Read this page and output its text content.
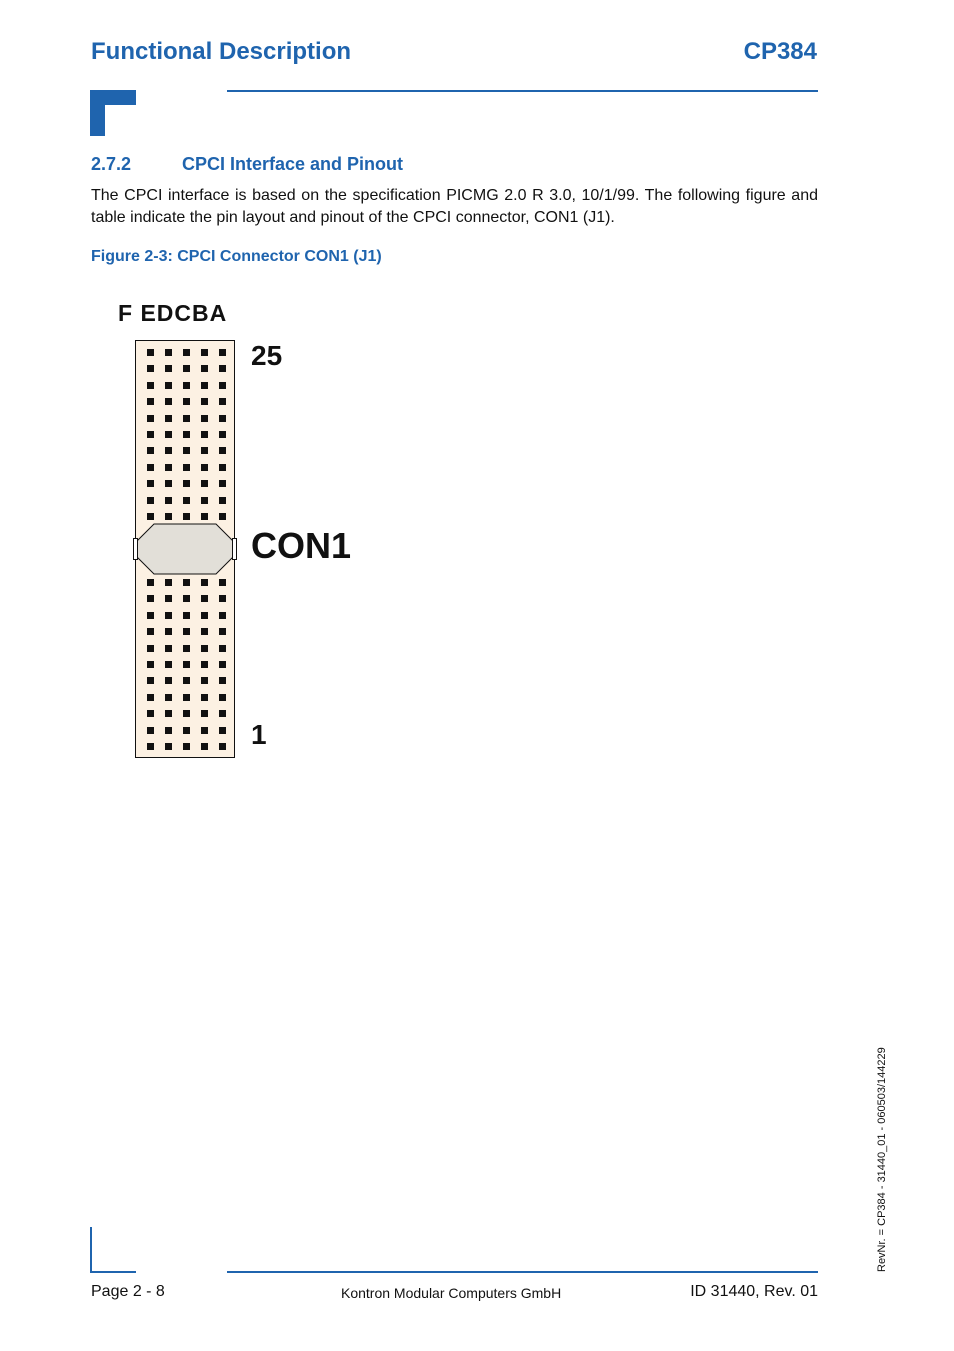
Functional Description	CP384
2.7.2	CPCI Interface and Pinout
The CPCI interface is based on the specification PICMG 2.0 R 3.0, 10/1/99. The following figure and table indicate the pin layout and pinout of the CPCI connector, CON1 (J1).
Figure 2-3: CPCI Connector CON1 (J1)
F EDCBA
25
CON1
1
Page 2 - 8	Kontron Modular Computers GmbH	ID 31440, Rev. 01
RevNr. = CP384 - 31440_01 - 060503/144229
